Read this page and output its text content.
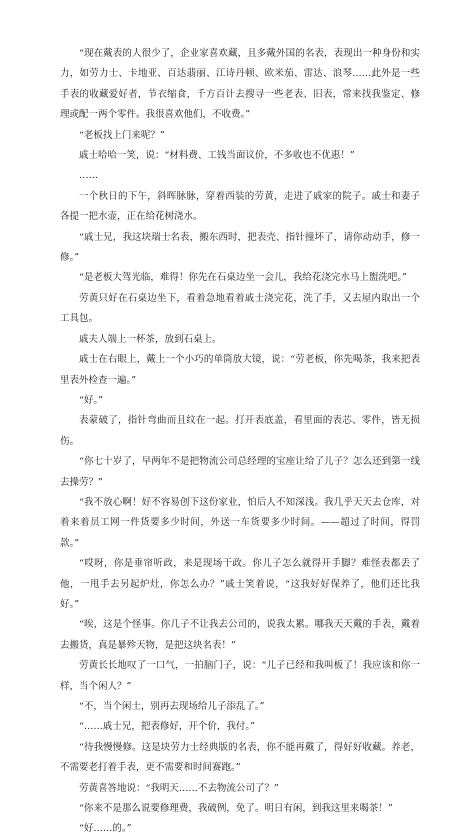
“现在戴表的人很少了，企业家喜欢藏，且多戴外国的名表，表现出一种身份和实力，如劳力士、卡地亚、百达翡丽、江诗丹顿、欧米茄、雷达、浪琴……此外是一些手表的收藏爱好者，节衣缩食，千方百计去搜寻一些老表、旧表，常来找我鉴定、修理或配一两个零件。我很喜欢他们，不收费。”

“老板找上门来呢？”

戚士哈哈一笑，说：“材料费、工钱当面议价，不多收也不优惠！”

……

一个秋日的下午，斜晖脉脉，穿着西装的劳黄，走进了戚家的院子。戚士和妻子各提一把水壶，正在给花树浇水。

“戚士兄，我这块瑞士名表，搬东西时，把表壳、指针撞坏了，请你动动手，修一修。”

“是老板大驾光临，难得！你先在石桌边坐一会儿，我给花浇完水马上盥洗吧。”

劳黄只好在石桌边坐下，看着急地看着戚士浇完花，洗了手，又去屋内取出一个工具包。

戚夫人端上一杯茶，放到石桌上。

戚士在右眼上，戴上一个小巧的单筒放大镜，说：“劳老板，你先喝茶，我来把表里表外检查一遍。”

“好。”

表蒙破了，指针弯曲而且纹在一起。打开表底盖，看里面的表芯、零件，皆无损伤。

“你七十岁了，早两年不是把物流公司总经理的宝座让给了儿子？怎么还到第一线去操劳？”

“我不放心啊！好不容易创下这份家业，怕后人不知深浅。我几乎天天去仓库，对着来着员工网一件货要多少时间，外送一车货要多少时间。——超过了时间，得罚款。”

“哎呀，你是垂帘听政，来是现场干政。你儿子怎么就得开手脚？难怪表都丢了他，一甩手去另起炉灶，你怎么办？”戚士笑着说，“这我好好保养了，他们还比我好。”

“唉，这是个怪事。你几子不让我去公司的，说我太累。哪我天天戴的手表，戴着去搬货，真是暴殄天物，是把这块名表！”

劳黄长长地叹了一口气，一拍脑门子，说：“儿子已经和我叫板了！我应该和你一样，当个闲人？”

“不，当个闲士，别再去现场给儿子添乱了。”

“……戚士兄，把表修好，开个价，我付。”

“待我慢慢修。这是块劳力士经典版的名表，你不能再戴了，得好好收藏。养老，不需要老打着手表，更不需要和时间赛跑。”

劳黄喜答地说：“我明天……不去物流公司了？”

“你来不是那么说要修理费，我破例，免了。明日有闲，到我这里来喝茶！”

“好……的。”
